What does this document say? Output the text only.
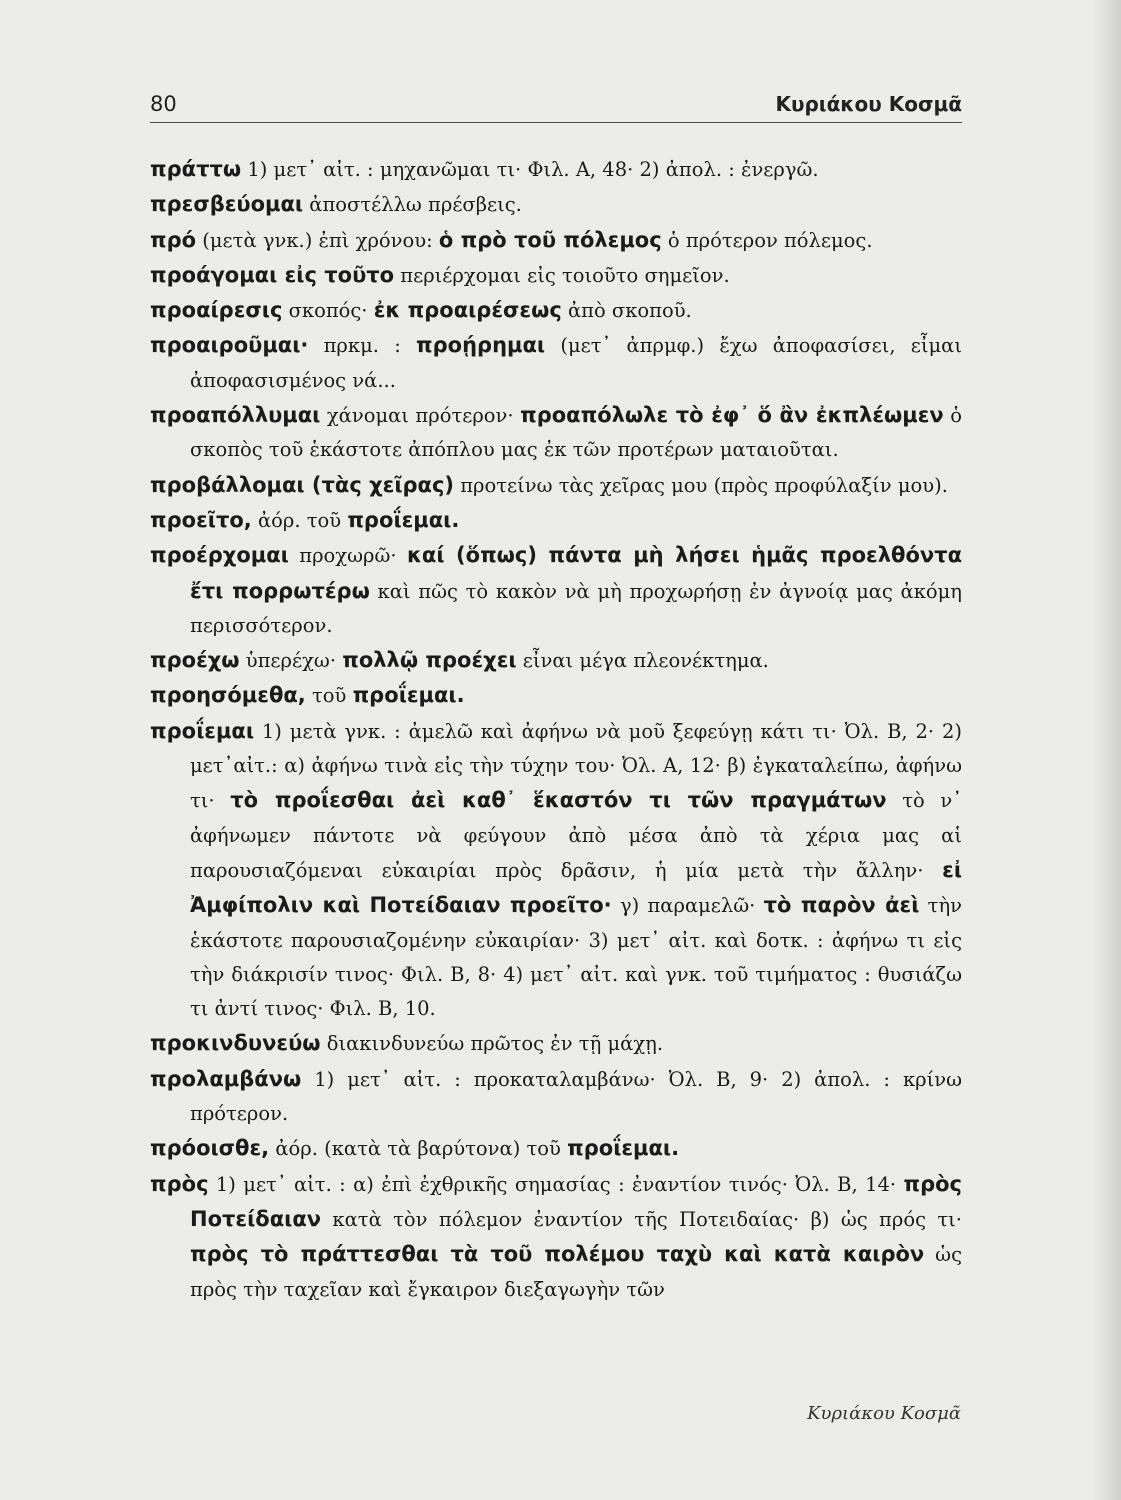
80	Κυριάκου Κοσμᾶ
πράττω 1) μετ᾽ αἰτ. : μηχανῶμαι τι· Φιλ. Α, 48· 2) ἀπολ. : ἐνεργῶ.
πρεσβεύομαι ἀποστέλλω πρέσβεις.
πρό (μετὰ γνκ.) ἐπὶ χρόνου: ὁ πρὸ τοῦ πόλεμος ὁ πρότερον πόλεμος.
προάγομαι εἰς τοῦτο περιέρχομαι εἰς τοιοῦτο σημεῖον.
προαίρεσις σκοπός· ἐκ προαιρέσεως ἀπὸ σκοποῦ.
προαιροῦμαι· πρκμ. : προῄρημαι (μετ᾽ ἀπρμφ.) ἔχω ἀποφασίσει, εἶμαι ἀποφασισμένος νά...
προαπόλλυμαι χάνομαι πρότερον· προαπόλωλε τὸ ἐφ᾽ ὅ ἂν ἐκπλέωμεν ὁ σκοπὸς τοῦ ἑκάστοτε ἀπόπλου μας ἐκ τῶν προτέρων ματαιοῦται.
προβάλλομαι (τὰς χεῖρας) προτείνω τὰς χεῖρας μου (πρὸς προφύλαξίν μου).
προεῖτο, ἀόρ. τοῦ προΐεμαι.
προέρχομαι προχωρῶ· καί (ὅπως) πάντα μὴ λήσει ἡμᾶς προελθόντα ἔτι πορρωτέρω καὶ πῶς τὸ κακὸν νὰ μὴ προχωρήσῃ ἐν ἀγνοίᾳ μας ἀκόμη περισσότερον.
προέχω ὑπερέχω· πολλῷ προέχει εἶναι μέγα πλεονέκτημα.
προησόμεθα, τοῦ προΐεμαι.
προΐεμαι 1) μετὰ γνκ. : ἀμελῶ καὶ ἀφήνω νὰ μοῦ ξεφεύγῃ κάτι τι· Ὀλ. Β, 2· 2) μετ᾽αἰτ.: α) ἀφήνω τινὰ εἰς τὴν τύχην του· Ὀλ. Α, 12· β) ἐγκαταλείπω, ἀφήνω τι· τὸ προΐεσθαι ἀεὶ καθ᾽ ἕκαστόν τι τῶν πραγμάτων τὸ ν᾽ ἀφήνωμεν πάντοτε νὰ φεύγουν ἀπὸ μέσα ἀπὸ τὰ χέρια μας αἱ παρουσιαζόμεναι εὐκαιρίαι πρὸς δρᾶσιν, ἡ μία μετὰ τὴν ἄλλην· εἰ Ἀμφίπολιν καὶ Ποτείδαιαν προεῖτο· γ) παραμελῶ· τὸ παρὸν ἀεὶ τὴν ἑκάστοτε παρουσιαζομένην εὐκαιρίαν· 3) μετ᾽ αἰτ. καὶ δοτκ. : ἀφήνω τι εἰς τὴν διάκρισίν τινος· Φιλ. Β, 8· 4) μετ᾽ αἰτ. καὶ γνκ. τοῦ τιμήματος : θυσιάζω τι ἀντί τινος· Φιλ. Β, 10.
προκινδυνεύω διακινδυνεύω πρῶτος ἐν τῇ μάχῃ.
προλαμβάνω 1) μετ᾽ αἰτ. : προκαταλαμβάνω· Ὀλ. Β, 9· 2) ἀπολ. : κρίνω πρότερον.
πρόοισθε, ἀόρ. (κατὰ τὰ βαρύτονα) τοῦ προΐεμαι.
πρὸς 1) μετ᾽ αἰτ. : α) ἐπὶ ἐχθρικῆς σημασίας : ἐναντίον τινός· Ὀλ. Β, 14· πρὸς Ποτείδαιαν κατὰ τὸν πόλεμον ἐναντίον τῆς Ποτειδαίας· β) ὡς πρός τι· πρὸς τὸ πράττεσθαι τὰ τοῦ πολέμου ταχὺ καὶ κατὰ καιρὸν ὡς πρὸς τὴν ταχεῖαν καὶ ἔγκαιρον διεξαγωγὴν τῶν
Κυριάκου Κοσμᾶ
